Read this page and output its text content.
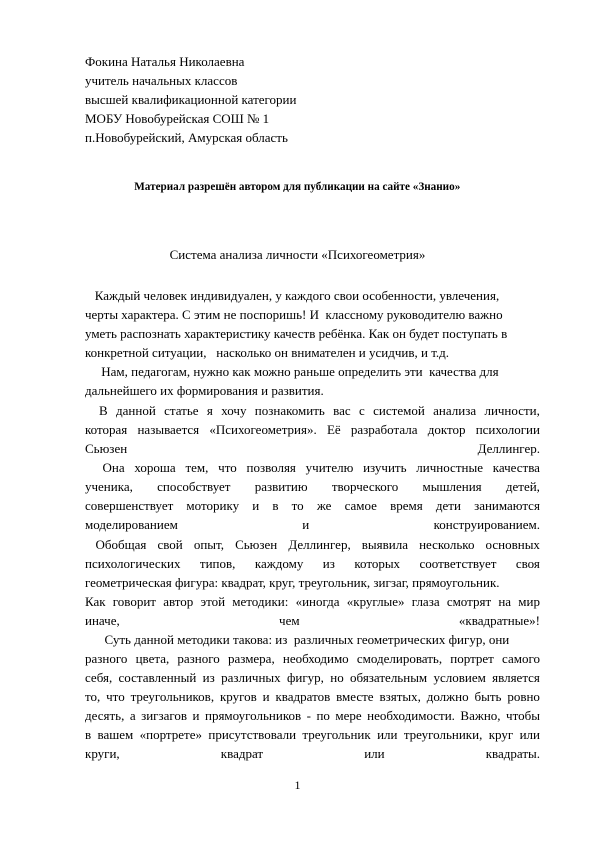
Фокина Наталья Николаевна
учитель начальных классов
высшей квалификационной категории
МОБУ Новобурейская СОШ № 1
п.Новобурейский, Амурская область
Материал разрешён автором для публикации на сайте «Знанио»
Система анализа личности «Психогеометрия»
Каждый человек индивидуален, у каждого свои особенности, увлечения,
черты характера. С этим не поспоришь! И  классному руководителю важно
уметь распознать характеристику качеств ребёнка. Как он будет поступать в
конкретной ситуации,   насколько он внимателен и усидчив, и т.д.
Нам, педагогам, нужно как можно раньше определить эти  качества для
дальнейшего их формирования и развития.
В данной статье я хочу познакомить вас с системой анализа личности,
которая называется «Психогеометрия». Её разработала доктор психологии
Сьюзен	Деллингер.
Она хороша тем, что позволяя учителю изучить личностные качества
ученика, способствует развитию творческого мышления детей,
совершенствует моторику и в то же самое время дети занимаются
моделированием	и	конструированием.
Обобщая свой опыт, Сьюзен Деллингер, выявила несколько основных
психологических типов, каждому из которых соответствует своя
геометрическая фигура: квадрат, круг, треугольник, зигзаг, прямоугольник.
Как говорит автор этой методики: «иногда «круглые» глаза смотрят на мир
иначе,	чем	«квадратные»!
Суть данной методики такова: из  различных геометрических фигур, они
разного цвета, разного размера, необходимо смоделировать, портрет самого
себя, составленный из различных фигур, но обязательным условием является
то, что треугольников, кругов и квадратов вместе взятых, должно быть ровно
десять, а зигзагов и прямоугольников - по мере необходимости. Важно, чтобы
в вашем «портрете» присутствовали треугольник или треугольники, круг или
круги,	квадрат	или	квадраты.
1
